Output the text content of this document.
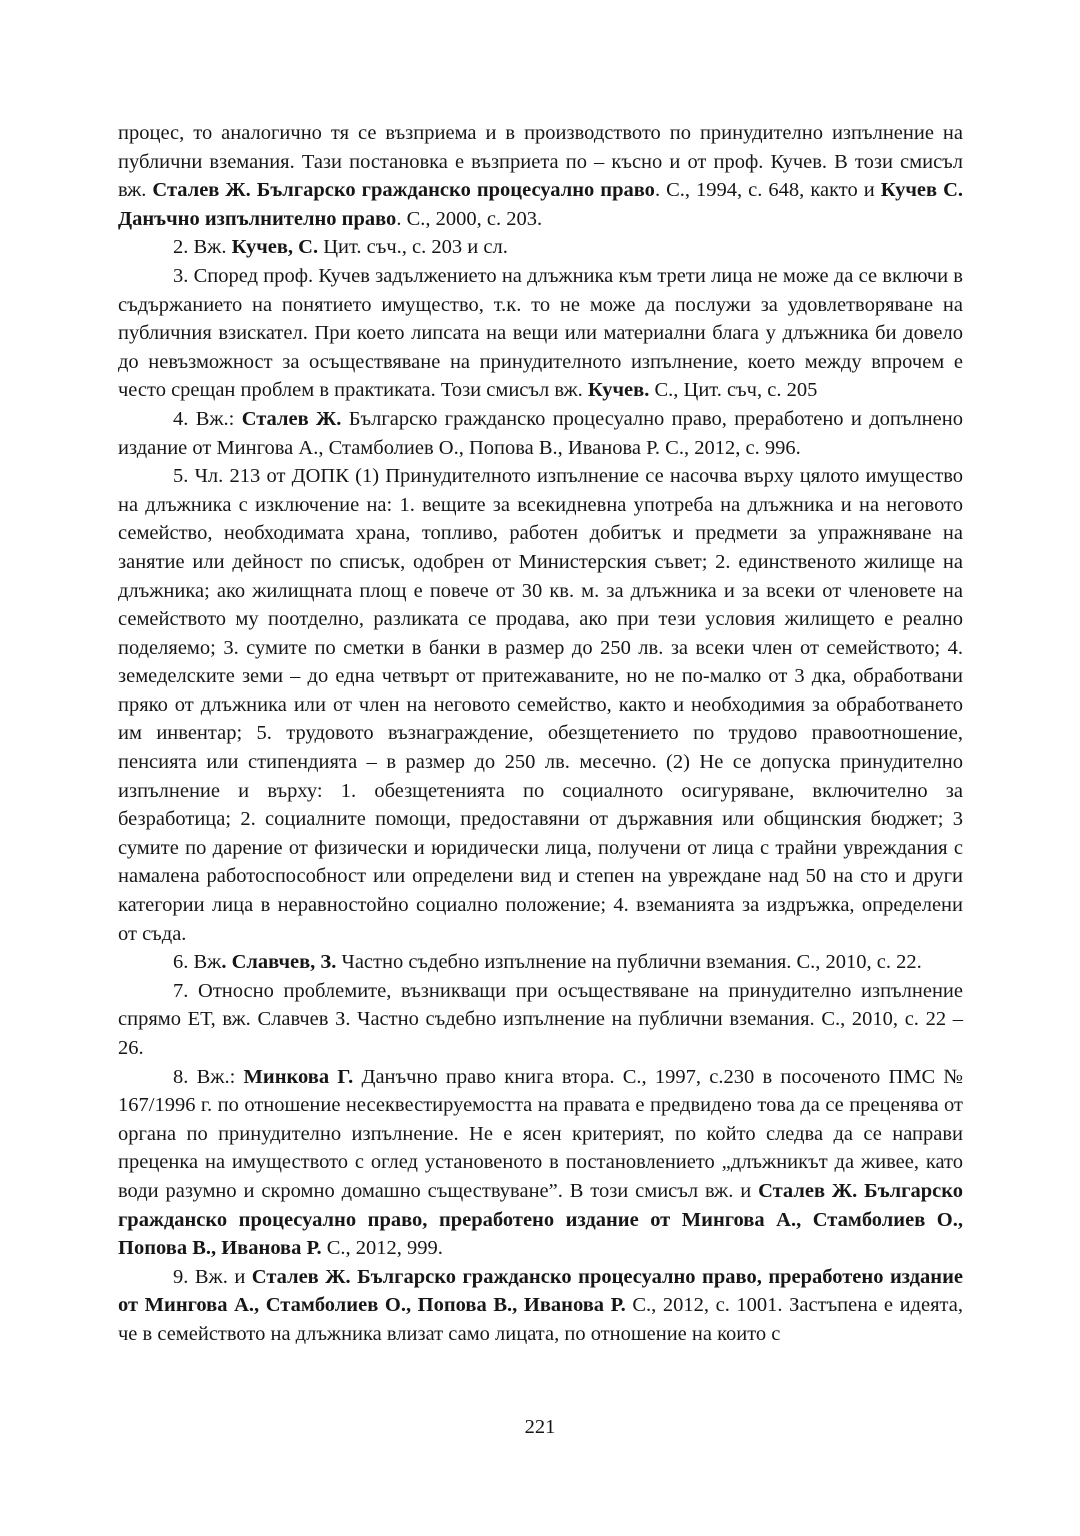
процес, то аналогично тя се възприема и в производството по принудително изпълнение на публични вземания. Тази постановка е възприета по – късно и от проф. Кучев. В този смисъл вж. Сталев Ж. Българско гражданско процесуално право. С., 1994, с. 648, както и Кучев С. Данъчно изпълнително право. С., 2000, с. 203.

2. Вж. Кучев, С. Цит. съч., с. 203 и сл.

3. Според проф. Кучев задължението на длъжника към трети лица не може да се включи в съдържанието на понятието имущество, т.к. то не може да послужи за удовлетворяване на публичния взискател. При което липсата на вещи или материални блага у длъжника би довело до невъзможност за осъществяване на принудителното изпълнение, което между впрочем е често срещан проблем в практиката. Този смисъл вж. Кучев. С., Цит. съч, с. 205

4. Вж.: Сталев Ж. Българско гражданско процесуално право, преработено и допълнено издание от Мингова А., Стамболиев О., Попова В., Иванова Р. С., 2012, с. 996.

5. Чл. 213 от ДОПК (1) Принудителното изпълнение се насочва върху цялото имущество на длъжника с изключение на: 1. вещите за всекидневна употреба на длъжника и на неговото семейство, необходимата храна, топливо, работен добитък и предмети за упражняване на занятие или дейност по списък, одобрен от Министерския съвет; 2. единственото жилище на длъжника; ако жилищната площ е повече от 30 кв. м. за длъжника и за всеки от членовете на семейството му поотделно, разликата се продава, ако при тези условия жилището е реално поделяемо; 3. сумите по сметки в банки в размер до 250 лв. за всеки член от семейството; 4. земеделските земи – до една четвърт от притежаваните, но не по-малко от 3 дка, обработвани пряко от длъжника или от член на неговото семейство, както и необходимия за обработването им инвентар; 5. трудовото възнаграждение, обезщетението по трудово правоотношение, пенсията или стипендията – в размер до 250 лв. месечно. (2) Не се допуска принудително изпълнение и върху: 1. обезщетенията по социалното осигуряване, включително за безработица; 2. социалните помощи, предоставяни от държавния или общинския бюджет; 3 сумите по дарение от физически и юридически лица, получени от лица с трайни увреждания с намалена работоспособност или определени вид и степен на увреждане над 50 на сто и други категории лица в неравностойно социално положение; 4. вземанията за издръжка, определени от съда.

6. Вж. Славчев, З. Частно съдебно изпълнение на публични вземания. С., 2010, с. 22.

7. Относно проблемите, възникващи при осъществяване на принудително изпълнение спрямо ЕТ, вж. Славчев З. Частно съдебно изпълнение на публични вземания. С., 2010, с. 22 – 26.

8. Вж.: Минкова Г. Данъчно право книга втора. С., 1997, с.230 в посоченото ПМС № 167/1996 г. по отношение несеквестируемостта на правата е предвидено това да се преценява от органа по принудително изпълнение. Не е ясен критерият, по който следва да се направи преценка на имуществото с оглед установеното в постановлението „длъжникът да живее, като води разумно и скромно домашно съществуване”. В този смисъл вж. и Сталев Ж. Българско гражданско процесуално право, преработено издание от Мингова А., Стамболиев О., Попова В., Иванова Р. С., 2012, 999.

9. Вж. и Сталев Ж. Българско гражданско процесуално право, преработено издание от Мингова А., Стамболиев О., Попова В., Иванова Р. С., 2012, с. 1001. Застъпена е идеята, че в семейството на длъжника влизат само лицата, по отношение на които с

221
